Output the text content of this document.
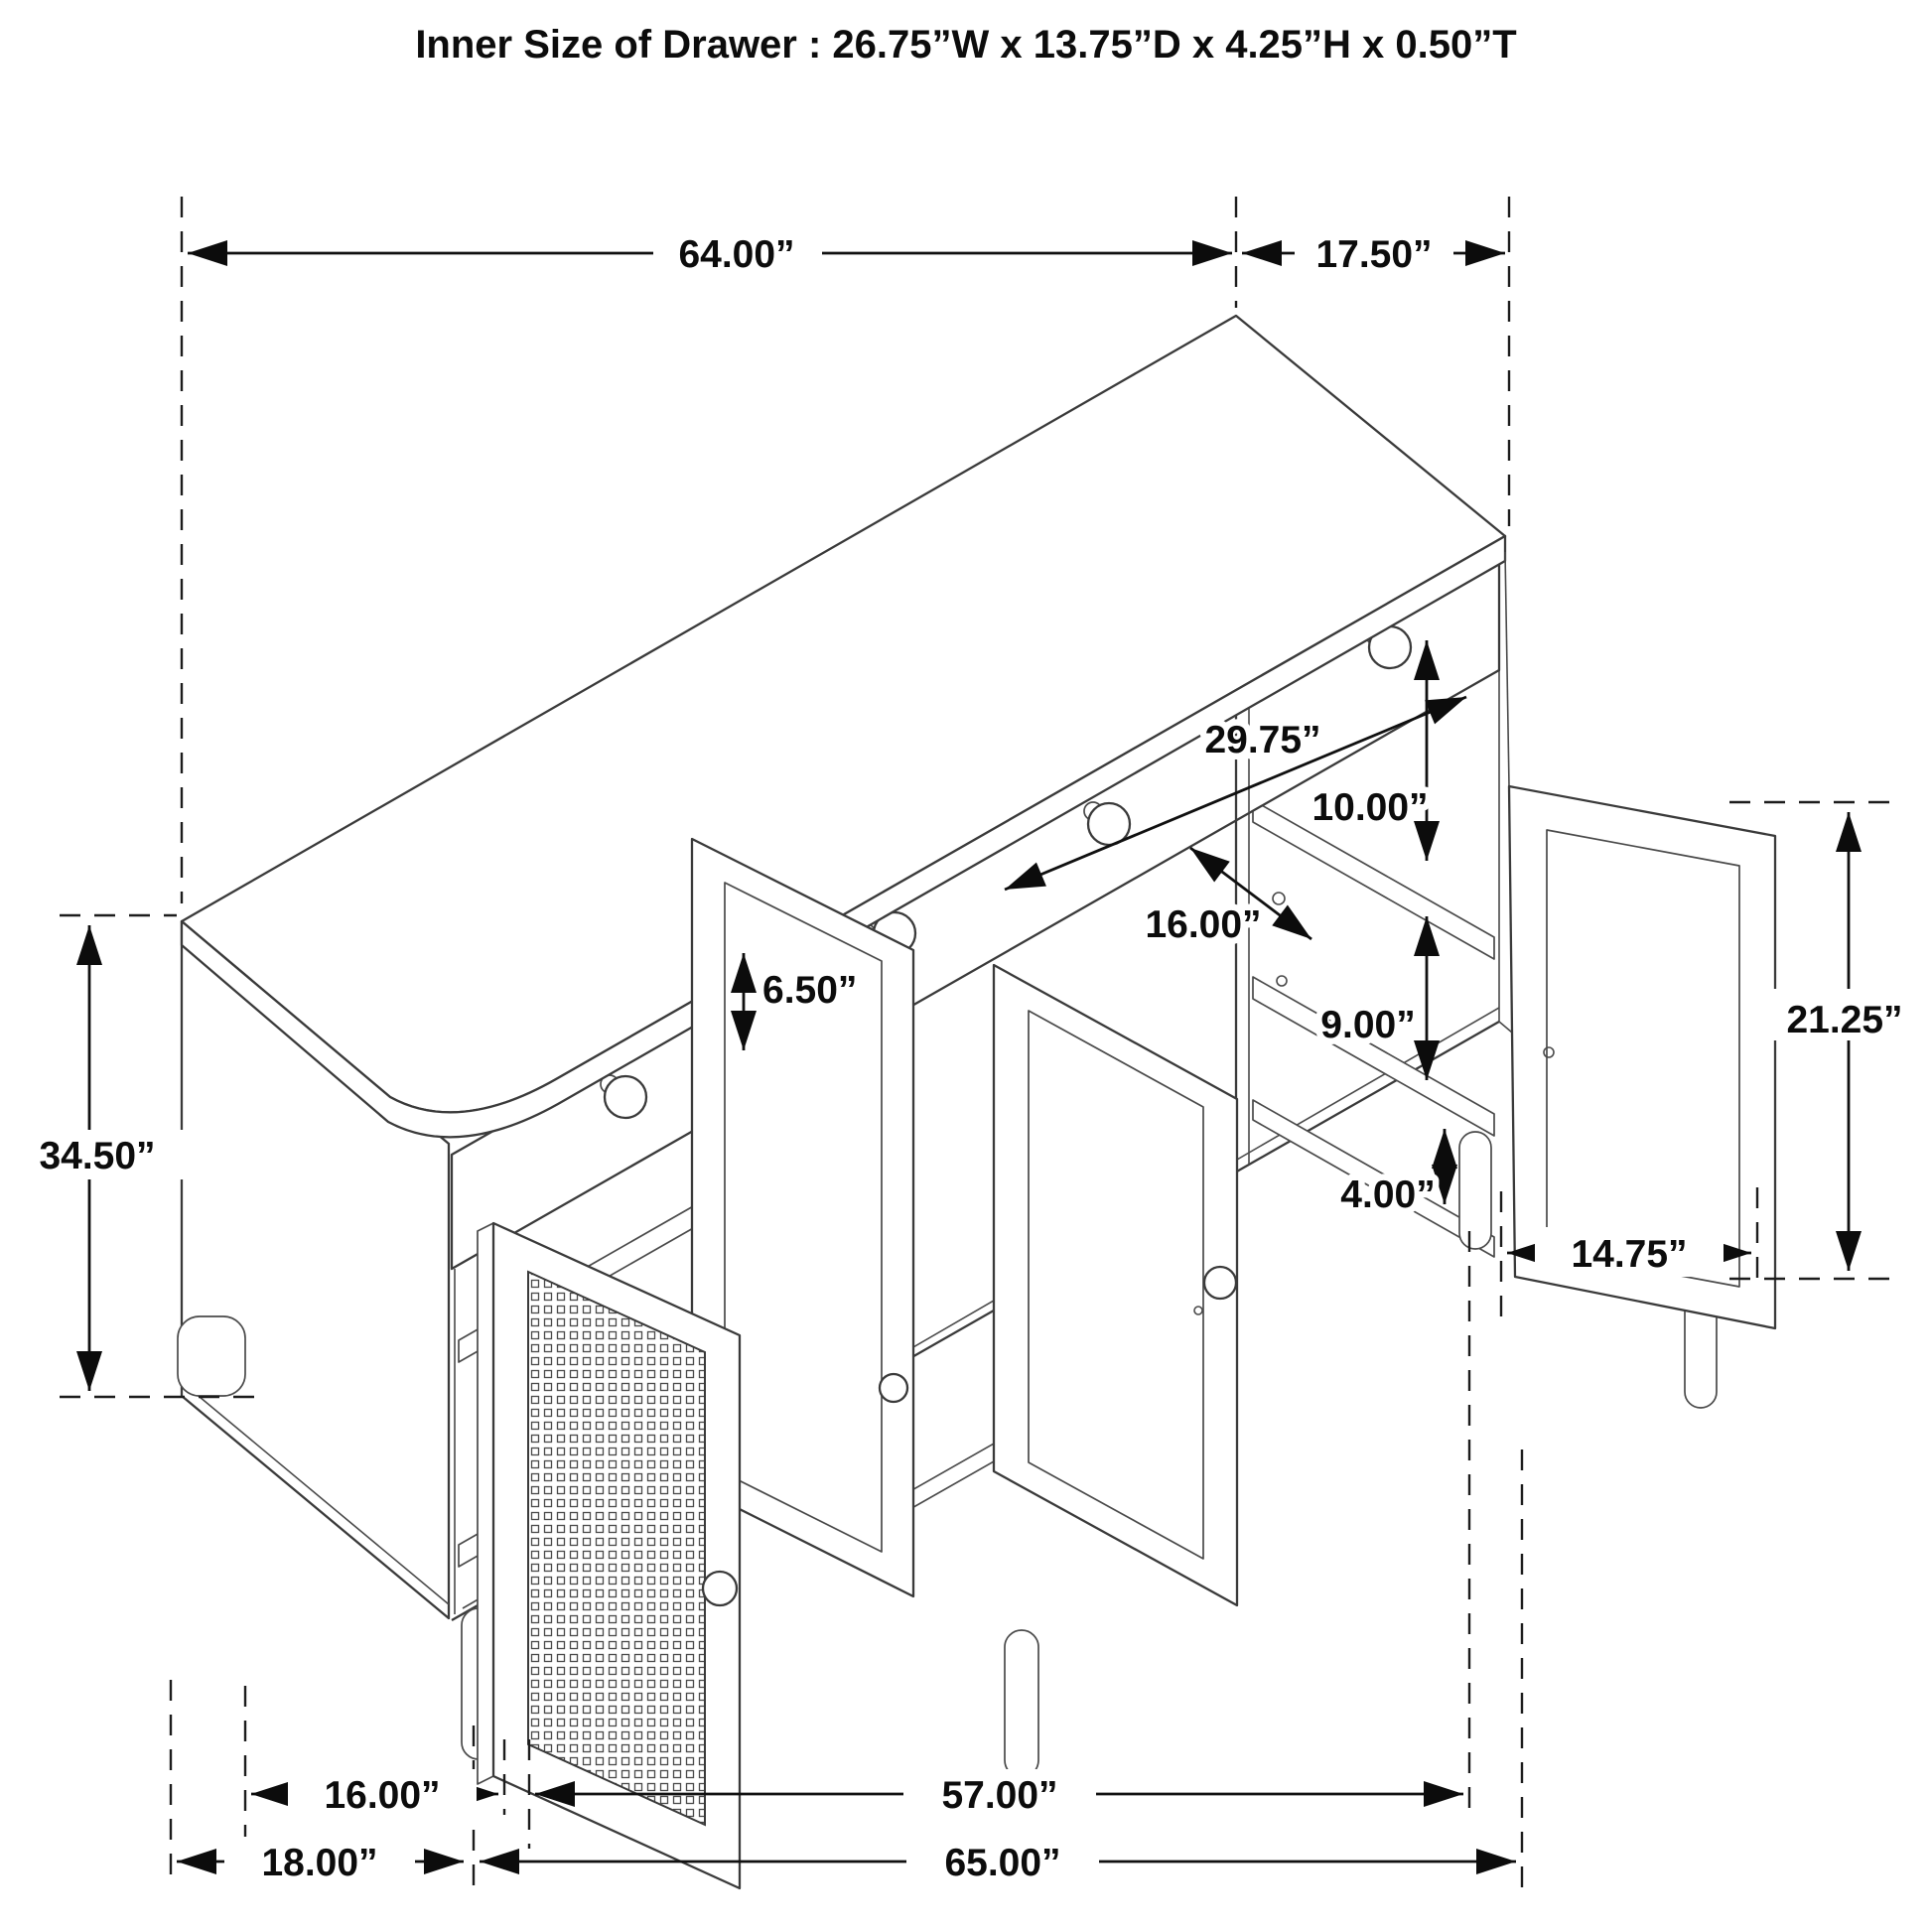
64.00”	17.50”
34.50”
6.50”
29.75”
10.00”
16.00”
9.00”
4.00”
21.25”
14.75”
16.00”	57.00”
18.00”	65.00”
Inner Size of Drawer : 26.75”W x 13.75”D x 4.25”H x 0.50”T
